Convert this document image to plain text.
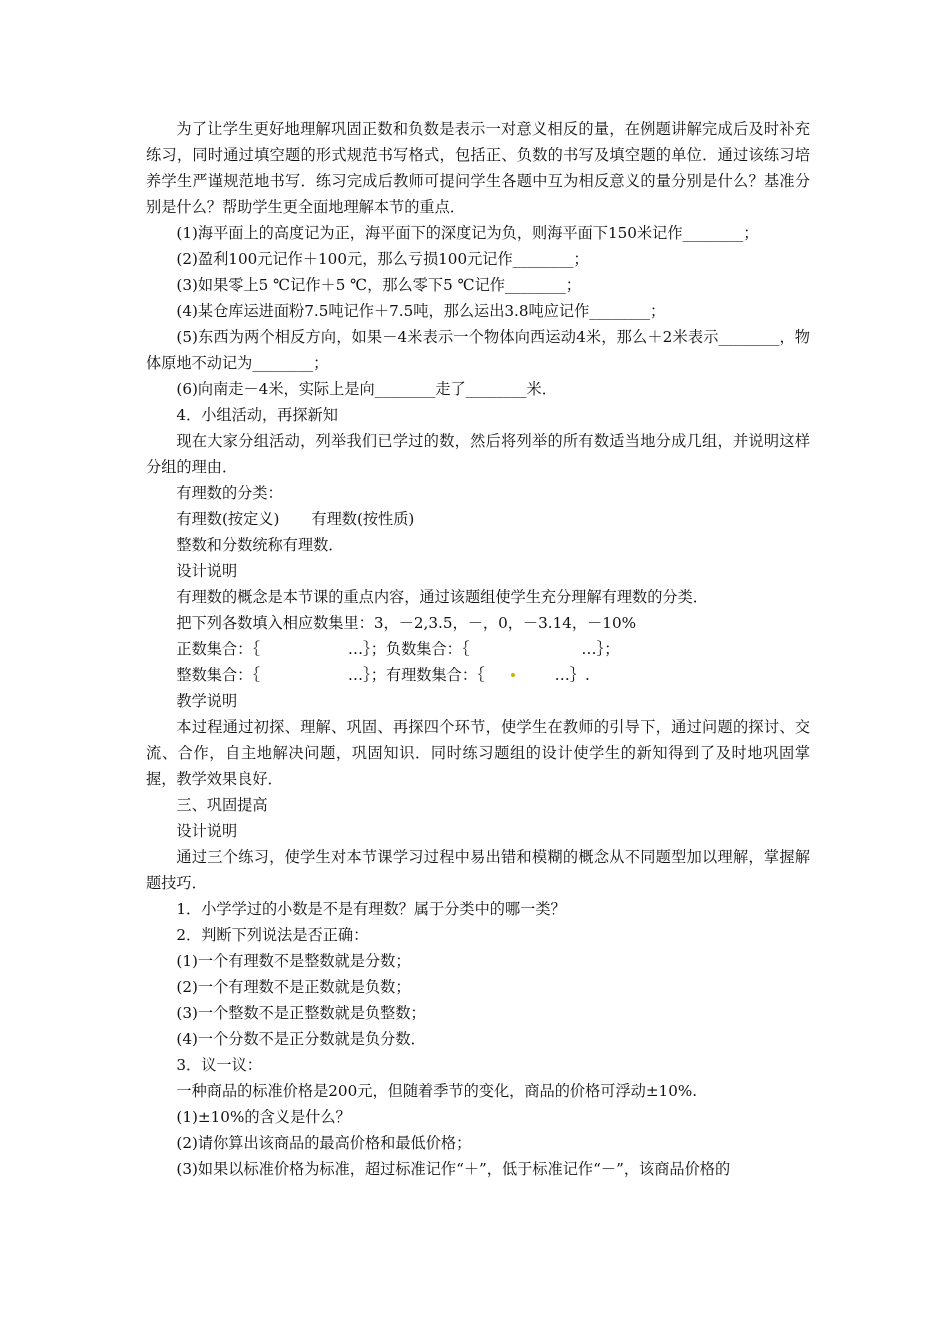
为了让学生更好地理解巩固正数和负数是表示一对意义相反的量，在例题讲解完成后及时补充练习，同时通过填空题的形式规范书写格式，包括正、负数的书写及填空题的单位．通过该练习培养学生严谨规范地书写．练习完成后教师可提问学生各题中互为相反意义的量分别是什么？基准分别是什么？帮助学生更全面地理解本节的重点．

(1)海平面上的高度记为正，海平面下的深度记为负，则海平面下150米记作________；

(2)盈利100元记作＋100元，那么亏损100元记作________；

(3)如果零上5 ℃记作＋5 ℃，那么零下5 ℃记作________；

(4)某仓库运进面粉7.5吨记作＋7.5吨，那么运出3.8吨应记作________；

(5)东西为两个相反方向，如果－4米表示一个物体向西运动4米，那么＋2米表示________，物体原地不动记为________；

(6)向南走－4米，实际上是向________走了________米．

4．小组活动，再探新知

现在大家分组活动，列举我们已学过的数，然后将列举的所有数适当地分成几组，并说明这样分组的理由．

有理数的分类：

有理数(按定义) 有理数(按性质)

整数和分数统称有理数．

设计说明

有理数的概念是本节课的重点内容，通过该题组使学生充分理解有理数的分类．

把下列各数填入相应数集里：3，－2,3.5，－，0，－3.14，－10%

正数集合：｛	…｝；负数集合：｛	…｝；

整数集合：｛	…｝；有理数集合：｛	…｝.

教学说明

本过程通过初探、理解、巩固、再探四个环节，使学生在教师的引导下，通过问题的探讨、交流、合作，自主地解决问题，巩固知识．同时练习题组的设计使学生的新知得到了及时地巩固掌握，教学效果良好．

三、巩固提高

设计说明

通过三个练习，使学生对本节课学习过程中易出错和模糊的概念从不同题型加以理解，掌握解题技巧．

1．小学学过的小数是不是有理数？属于分类中的哪一类？

2．判断下列说法是否正确：

(1)一个有理数不是整数就是分数；

(2)一个有理数不是正数就是负数；

(3)一个整数不是正整数就是负整数；

(4)一个分数不是正分数就是负分数．

3．议一议：

一种商品的标准价格是200元，但随着季节的变化，商品的价格可浮动±10%.

(1)±10%的含义是什么？

(2)请你算出该商品的最高价格和最低价格；

(3)如果以标准价格为标准，超过标准记作“＋”，低于标准记作“－”，该商品价格的
